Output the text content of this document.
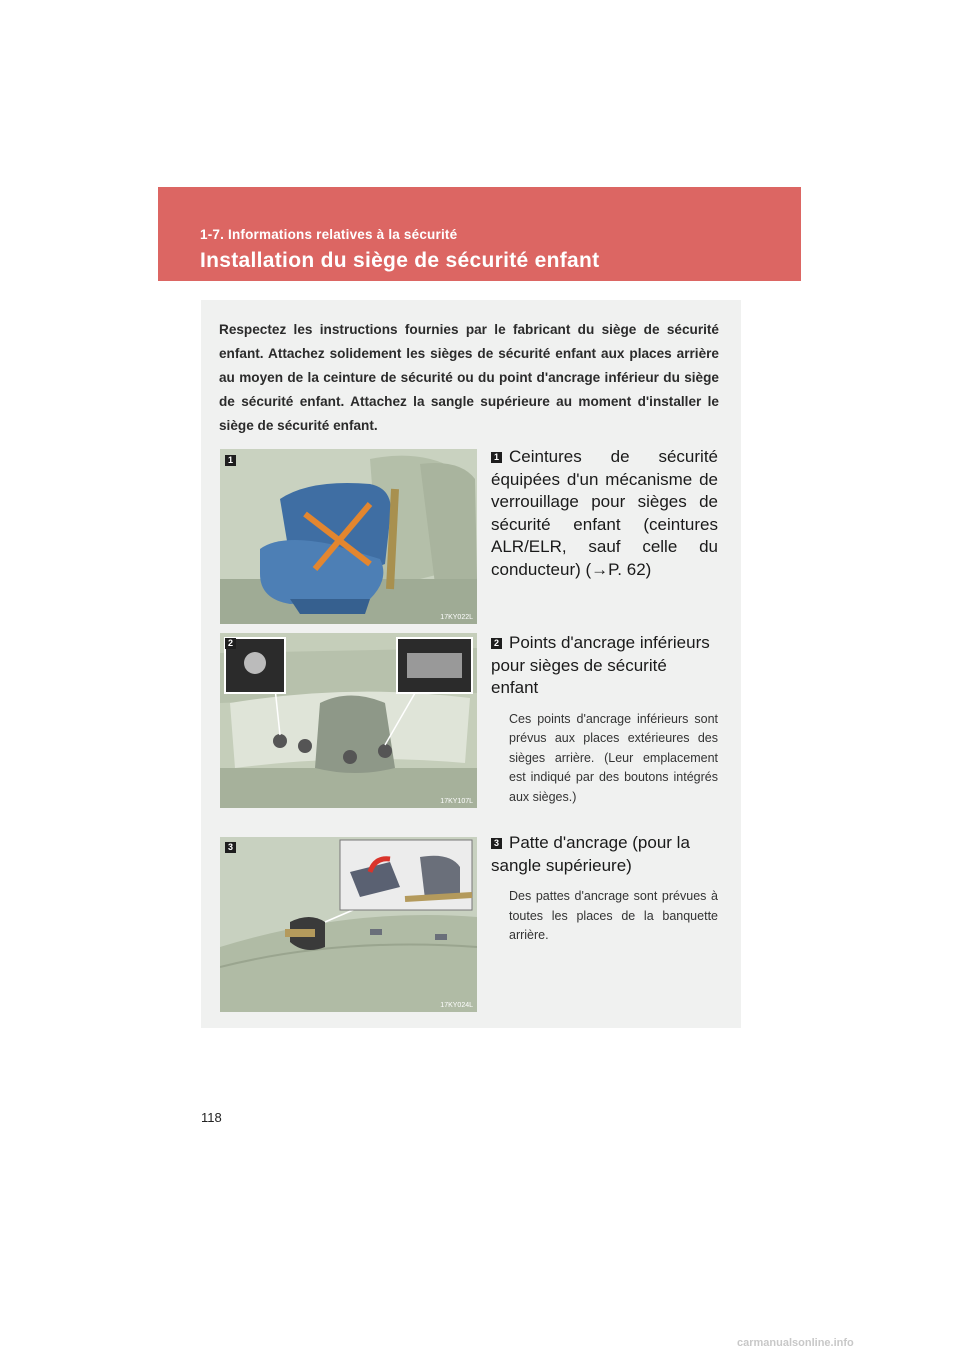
1-7. Informations relatives à la sécurité
Installation du siège de sécurité enfant
Respectez les instructions fournies par le fabricant du siège de sécurité enfant. Attachez solidement les sièges de sécurité enfant aux places arrière au moyen de la ceinture de sécurité ou du point d'ancrage inférieur du siège de sécurité enfant. Attachez la sangle supérieure au moment d'installer le siège de sécurité enfant.
17KY022L
1	1 Ceintures de sécurité équipées d'un mécanisme de verrouillage pour sièges de sécurité enfant (ceintures ALR/ELR, sauf celle du conducteur) (→P. 62)
17KY107L
2	2 Points d'ancrage inférieurs pour sièges de sécurité enfant
Ces points d'ancrage inférieurs sont prévus aux places extérieures des sièges arrière. (Leur emplacement est indiqué par des boutons intégrés aux sièges.)
17KY024L
3	3 Patte d'ancrage (pour la sangle supérieure)
Des pattes d'ancrage sont prévues à toutes les places de la banquette arrière.
118
carmanualsonline.info
